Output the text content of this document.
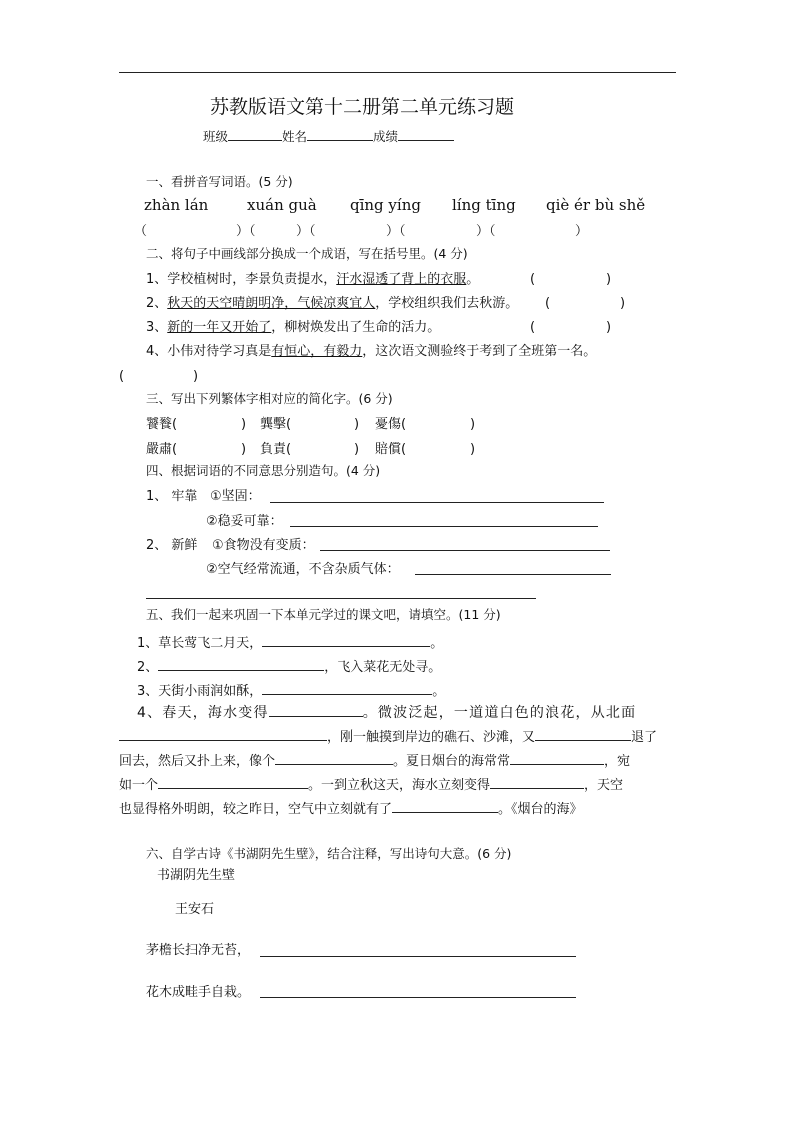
苏教版语文第十二册第二单元练习题
班级	姓名	成绩
一、看拼音写词语。(5 分)
zhàn lán	xuán guà qīng yíng líng tīng qiè ér bù shě
（	）（	）（	）（	）（	）
二、将句子中画线部分换成一个成语，写在括号里。(4 分)
1、学校植树时，李景负责提水，汗水湿透了背上的衣服。	(	)
2、秋天的天空晴朗明净，气候凉爽宜人，学校组织我们去秋游。 (	)
3、新的一年又开始了，柳树焕发出了生命的活力。	(	)
4、小伟对待学习真是有恒心，有毅力，这次语文测验终于考到了全班第一名。
(	)
三、写出下列繁体字相对应的简化字。(6 分)
饕餮(	) 龔擊(	) 憂傷(	)
嚴肅(	) 負責(	) 賠償(	)
四、根据词语的不同意思分别造句。(4 分)
1、 牢靠 ①坚固：
②稳妥可靠：
2、 新鲜 ①食物没有变质：
②空气经常流通，不含杂质气体：
五、我们一起来巩固一下本单元学过的课文吧，请填空。(11 分)
1、草长莺飞二月天，	。
2、	，飞入菜花无处寻。
3、天街小雨润如酥，	。
4、春天，海水变得	。微波泛起，一道道白色的浪花，从北面
，刚一触摸到岸边的礁石、沙滩，又	退了
回去，然后又扑上来，像个	。夏日烟台的海常常	，宛
如一个	。一到立秋这天，海水立刻变得	，天空
也显得格外明朗，较之昨日，空气中立刻就有了	。《烟台的海》
六、自学古诗《书湖阴先生壁》，结合注释，写出诗句大意。(6 分)
书湖阴先生壁
王安石
茅檐长扫净无苔，
花木成畦手自栽。
